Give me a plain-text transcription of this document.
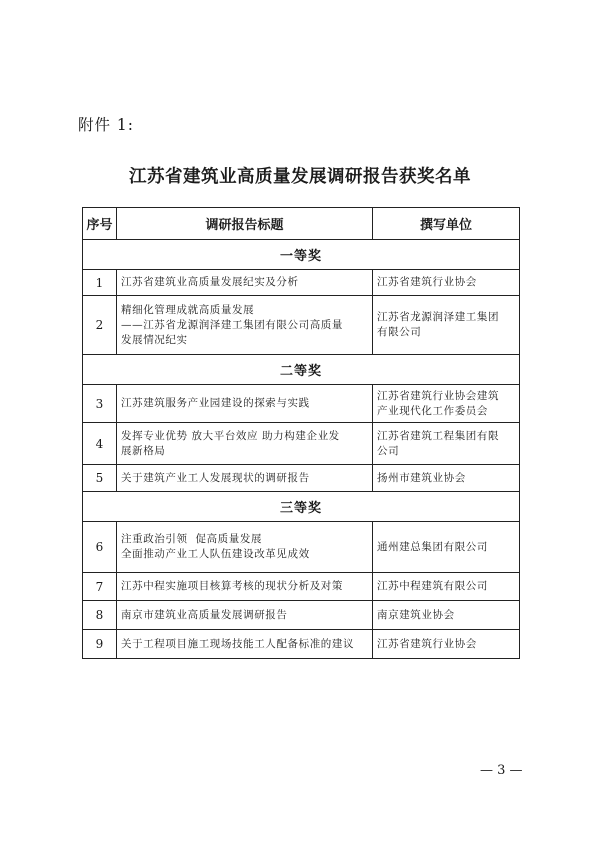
附件 1:
江苏省建筑业高质量发展调研报告获奖名单
序号	调研报告标题	撰写单位
一等奖		
1	江苏省建筑业高质量发展纪实及分析	江苏省建筑行业协会

2	精细化管理成就高质量发展
——江苏省龙源润泽建工集团有限公司高质量
发展情况纪实	江苏省龙源润泽建工集团
有限公司

二等奖		
3	江苏建筑服务产业园建设的探索与实践	江苏省建筑行业协会建筑
产业现代化工作委员会

4	发挥专业优势 放大平台效应 助力构建企业发
展新格局	江苏省建筑工程集团有限
公司

5	关于建筑产业工人发展现状的调研报告	扬州市建筑业协会

三等奖		
6	注重政治引领  促高质量发展
全面推动产业工人队伍建设改革见成效	通州建总集团有限公司

7	江苏中程实施项目核算考核的现状分析及对策	江苏中程建筑有限公司

8	南京市建筑业高质量发展调研报告	南京建筑业协会

9	关于工程项目施工现场技能工人配备标准的建议	江苏省建筑行业协会
— 3 —
